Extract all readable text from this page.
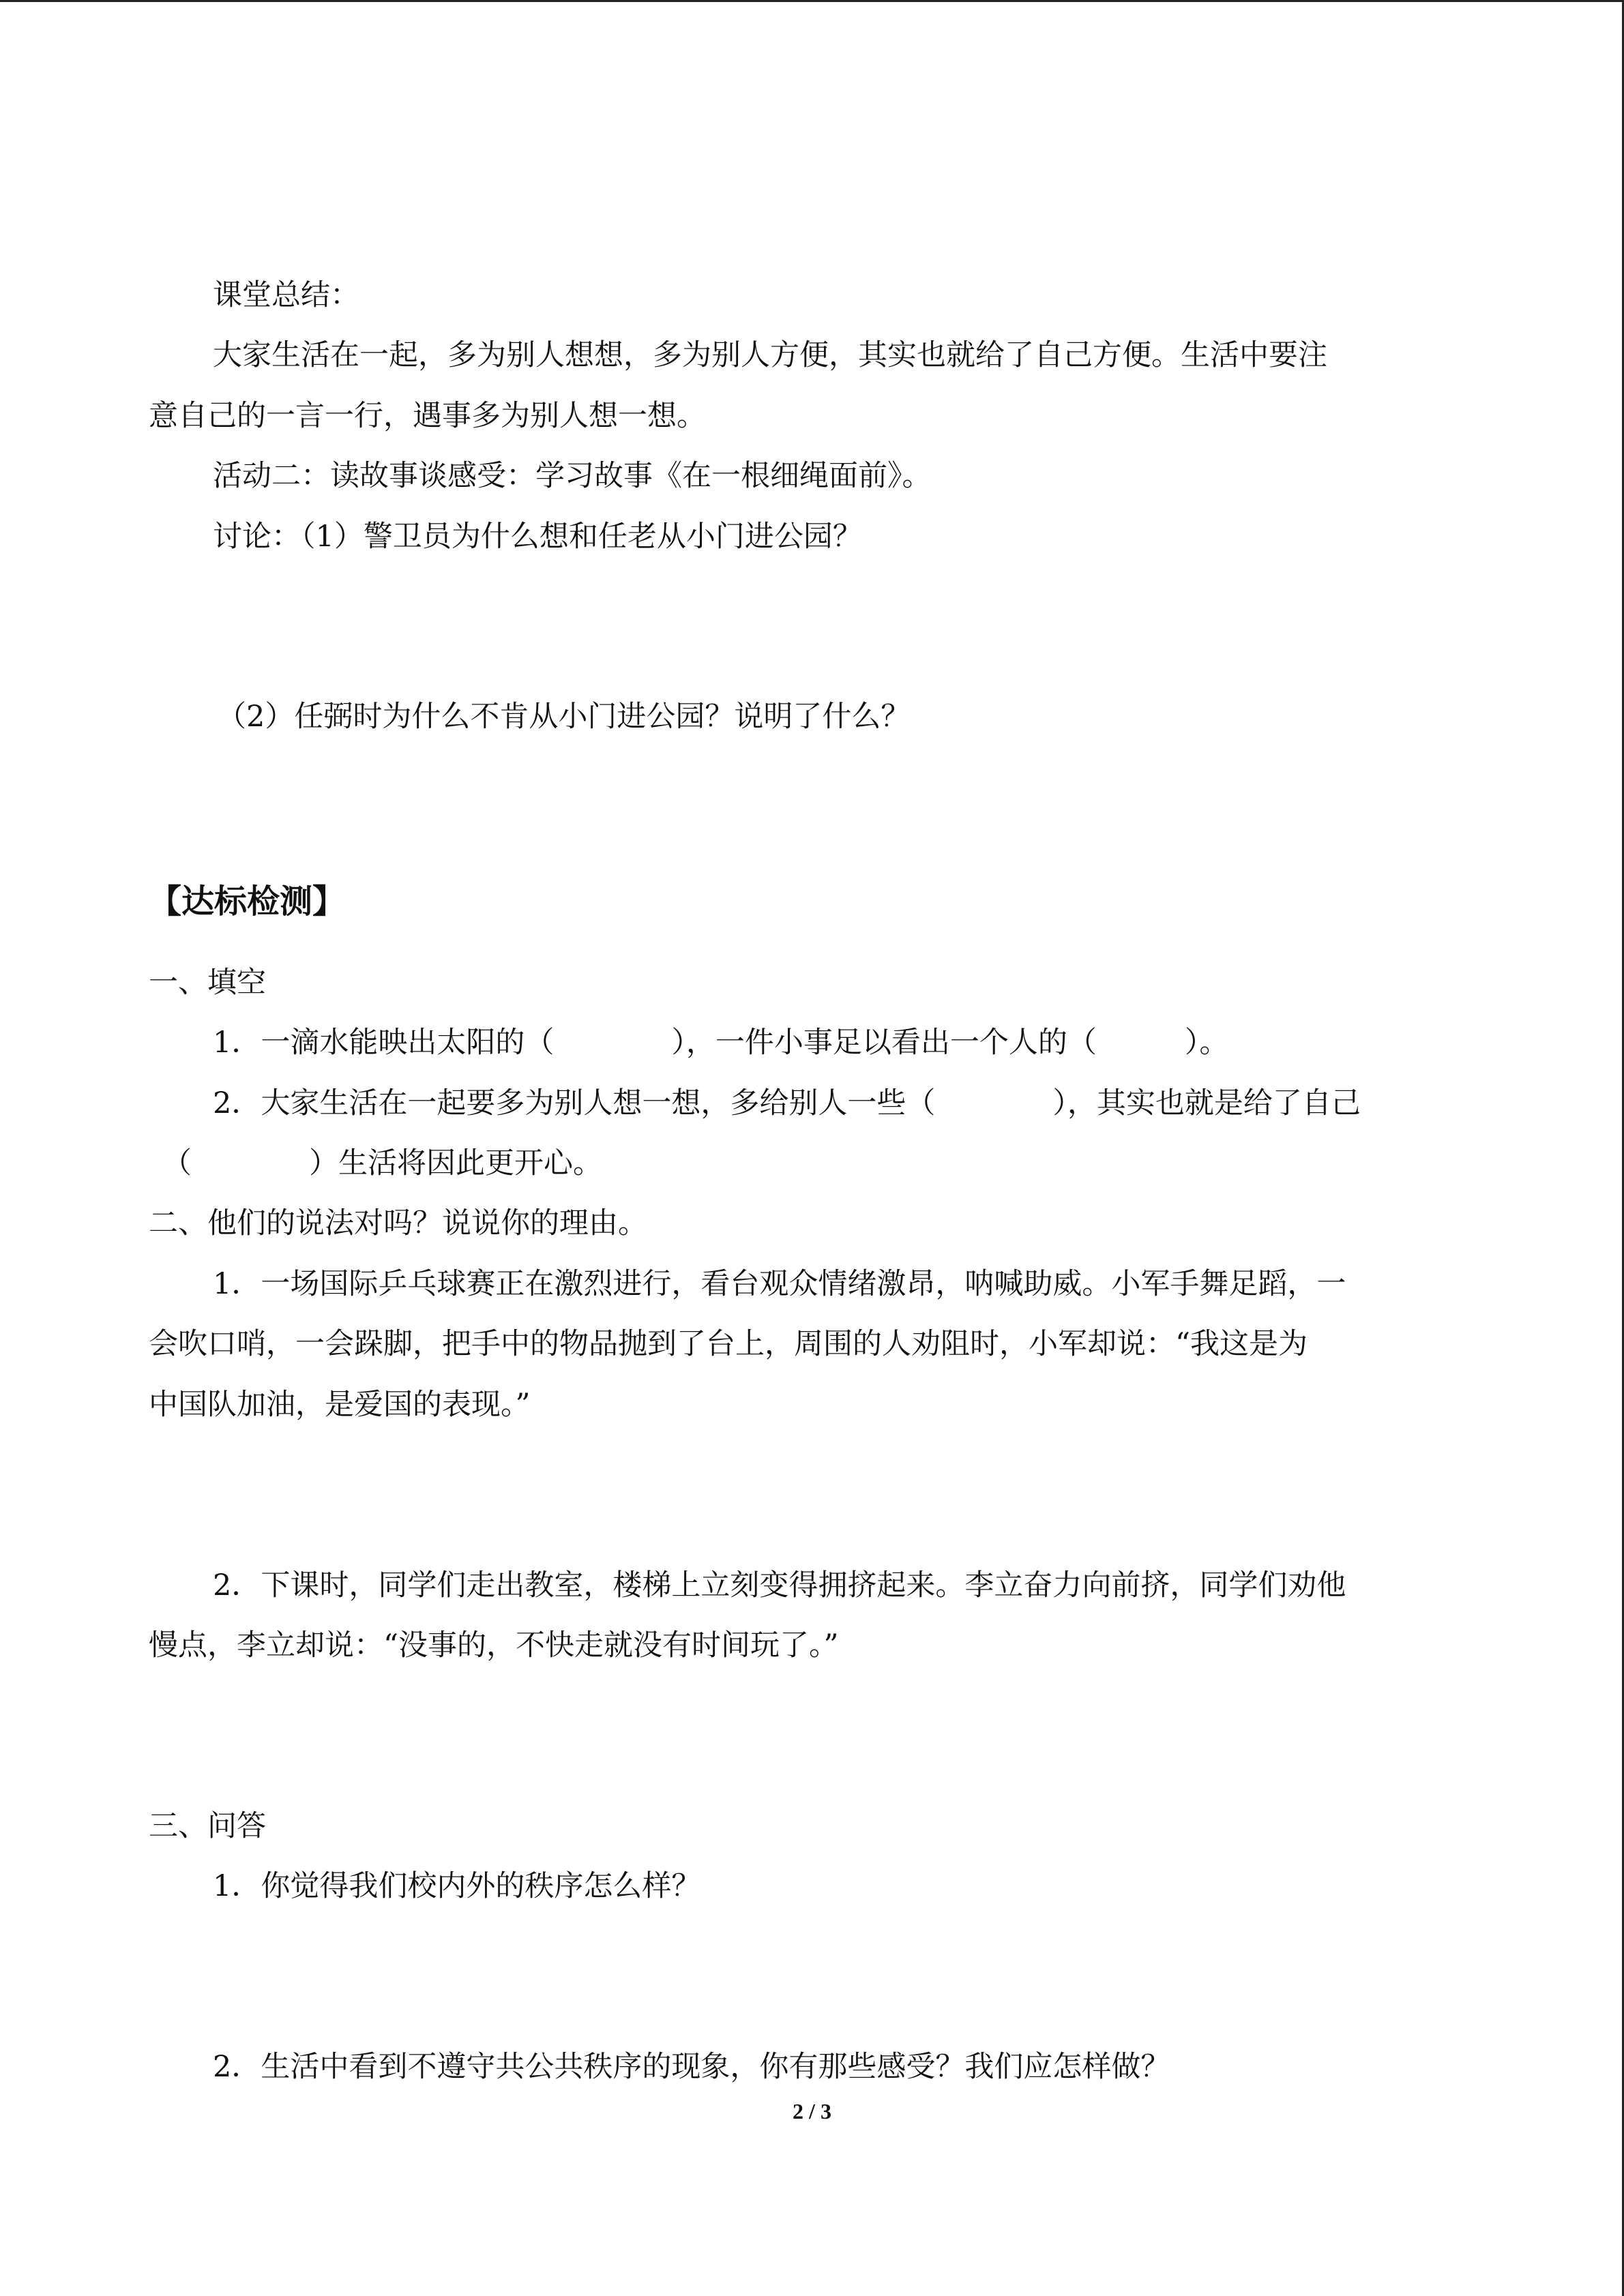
课堂总结：
大家生活在一起，多为别人想想，多为别人方便，其实也就给了自己方便。生活中要注
意自己的一言一行，遇事多为别人想一想。
活动二：读故事谈感受：学习故事《在一根细绳面前》。
讨论：（1）警卫员为什么想和任老从小门进公园？
（2）任弼时为什么不肯从小门进公园？说明了什么？
【达标检测】
一、填空
1．一滴水能映出太阳的（　　　　），一件小事足以看出一个人的（　　　）。
2．大家生活在一起要多为别人想一想，多给别人一些（　　　　），其实也就是给了自己
（　　　　）生活将因此更开心。
二、他们的说法对吗？说说你的理由。
1．一场国际乒乓球赛正在激烈进行，看台观众情绪激昂，呐喊助威。小军手舞足蹈，一
会吹口哨，一会跺脚，把手中的物品抛到了台上，周围的人劝阻时，小军却说：“我这是为
中国队加油，是爱国的表现。”
2．下课时，同学们走出教室，楼梯上立刻变得拥挤起来。李立奋力向前挤，同学们劝他
慢点，李立却说：“没事的，不快走就没有时间玩了。”
三、问答
1．你觉得我们校内外的秩序怎么样？
2．生活中看到不遵守共公共秩序的现象，你有那些感受？我们应怎样做？
2 / 3
